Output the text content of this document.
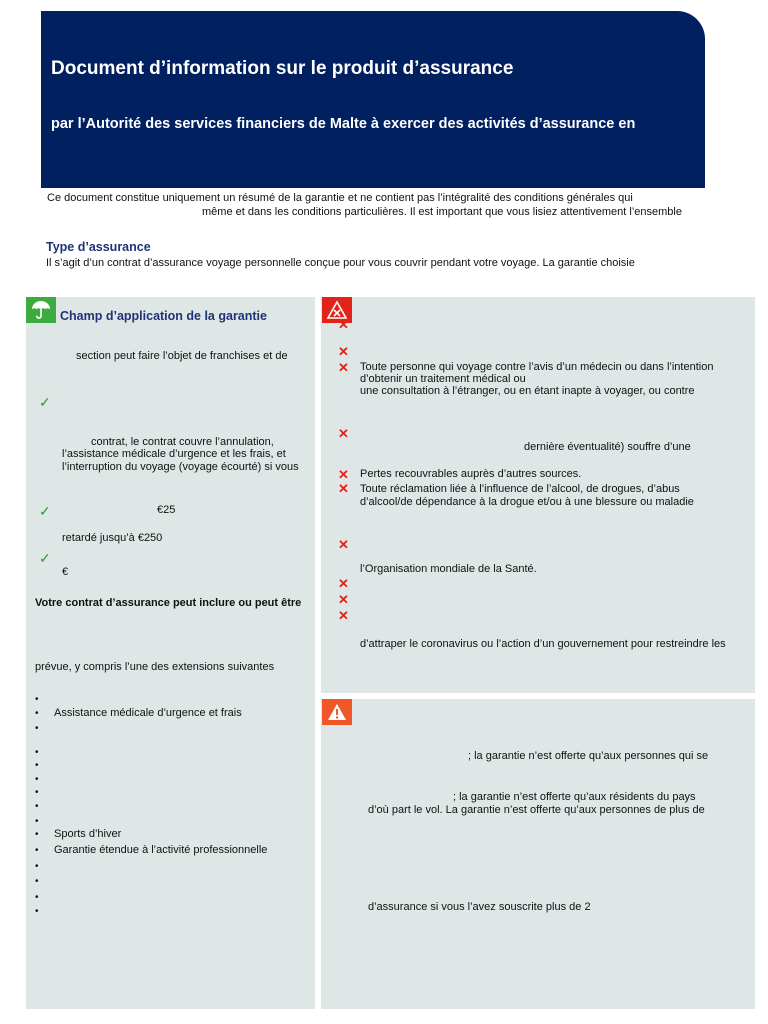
Document d’information sur le produit d’assurance
par l’Autorité des services financiers de Malte à exercer des activités d’assurance en
Ce document constitue uniquement un résumé de la garantie et ne contient pas l’intégralité des conditions générales qui
même et dans les conditions particulières. Il est important que vous lisiez attentivement l’ensemble
Type d’assurance
Il s’agit d’un contrat d’assurance voyage personnelle conçue pour vous couvrir pendant votre voyage. La garantie choisie
Champ d’application de la garantie
section peut faire l’objet de franchises et de
✓
contrat, le contrat couvre l’annulation,
l’assistance médicale d’urgence et les frais, et
l’interruption du voyage (voyage écourté) si vous
✓	€25
retardé jusqu’à €250
✓
€
Votre contrat d’assurance peut inclure ou peut être
prévue, y compris l’une des extensions suivantes
•
• Assistance médicale d’urgence et frais
•
•
•
•
•
•
•
• Sports d’hiver
• Garantie étendue à l’activité professionnelle
•
•
•
•
✕
✕
✕
✕
✕
✕
✕
✕
✕
✕
Toute personne qui voyage contre l’avis d’un médecin ou dans l’intention
d’obtenir un traitement médical ou
une consultation à l’étranger, ou en étant inapte à voyager, ou contre
dernière éventualité) souffre d’une
Pertes recouvrables auprès d’autres sources.
Toute réclamation liée à l’influence de l’alcool, de drogues, d’abus
d’alcool/de dépendance à la drogue et/ou à une blessure ou maladie
l’Organisation mondiale de la Santé.
d’attraper le coronavirus ou l’action d’un gouvernement pour restreindre les
; la garantie n’est offerte qu’aux personnes qui se
; la garantie n’est offerte qu’aux résidents du pays
d’où part le vol. La garantie n’est offerte qu’aux personnes de plus de
d’assurance si vous l’avez souscrite plus de 2
